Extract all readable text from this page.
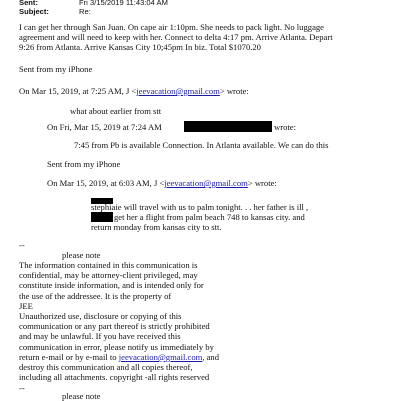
Sent:	Fri 3/15/2019 11:43:04 AM
Subject:	Re:
I can get her through San Juan. On cape air 1:10pm. She needs to pack light. No luggage
agreement and will need to keep with her. Connect to delta 4:17 pm. Arrive Atlanta. Depart
9:26 from Atlanta. Arrive Kansas City 10;45pm In biz. Total $1070.20
Sent from my iPhone
On Mar 15, 2019, at 7:25 AM, J <jeevacation@gmail.com> wrote:
what about earlier from stt
On Fri, Mar 15, 2019 at 7:24 AM	wrote:
7:45 from Pb is available Connection. In Atlanta available. We can do this
Sent from my iPhone
On Mar 15, 2019, at 6:03 AM, J <jeevacation@gmail.com> wrote:
stephiaie will travel with us to palm tonight. . . her father is ill ,
get her a flight from palm beach 748 to kansas city. and
return monday from kansas city to stt.
--
please note
The information contained in this communication is
confidential, may be attorney-client privileged, may
constitute inside information, and is intended only for
the use of the addressee. It is the property of
JEE
Unauthorized use, disclosure or copying of this
communication or any part thereof is strictly prohibited
and may be unlawful. If you have received this
communication in error, please notify us immediately by
return e-mail or by e-mail to jeevacation@gmail.com, and
destroy this communication and all copies thereof,
including all attachments. copyright -all rights reserved
--
please note
